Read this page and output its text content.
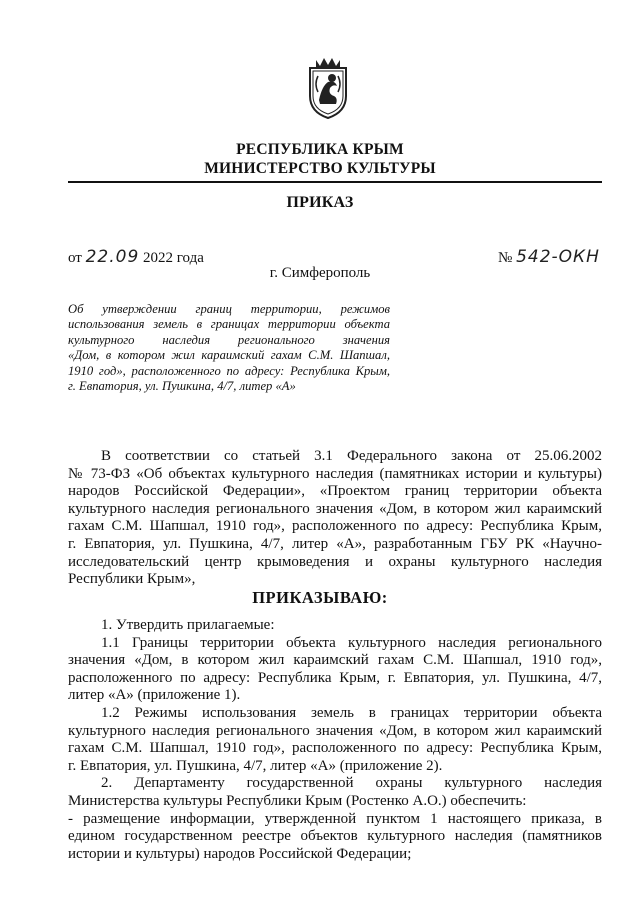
РЕСПУБЛИКА КРЫМ
МИНИСТЕРСТВО КУЛЬТУРЫ
ПРИКАЗ
от 22.09 2022 года	№ 542-ОКН
г. Симферополь
Об утверждении границ территории, режимов
использования земель в границах территории объекта
культурного наследия регионального значения
«Дом, в котором жил караимский гахам С.М. Шапшал,
1910 год», расположенного по адресу: Республика Крым,
г. Евпатория, ул. Пушкина, 4/7, литер «А»
В соответствии со статьей 3.1 Федерального закона от 25.06.2002
№ 73-ФЗ «Об объектах культурного наследия (памятниках истории и культуры)
народов Российской Федерации», «Проектом границ территории объекта
культурного наследия регионального значения «Дом, в котором жил караимский
гахам С.М. Шапшал, 1910 год», расположенного по адресу: Республика Крым,
г. Евпатория, ул. Пушкина, 4/7, литер «А», разработанным ГБУ РК «Научно-
исследовательский центр крымоведения и охраны культурного наследия
Республики Крым»,
ПРИКАЗЫВАЮ:
1. Утвердить прилагаемые:
1.1 Границы территории объекта культурного наследия регионального
значения «Дом, в котором жил караимский гахам С.М. Шапшал, 1910 год»,
расположенного по адресу: Республика Крым, г. Евпатория, ул. Пушкина, 4/7,
литер «А» (приложение 1).
1.2 Режимы использования земель в границах территории объекта
культурного наследия регионального значения «Дом, в котором жил караимский
гахам С.М. Шапшал, 1910 год», расположенного по адресу: Республика Крым,
г. Евпатория, ул. Пушкина, 4/7, литер «А» (приложение 2).
2. Департаменту государственной охраны культурного наследия
Министерства культуры Республики Крым (Ростенко А.О.) обеспечить:
- размещение информации, утвержденной пунктом 1 настоящего приказа, в
едином государственном реестре объектов культурного наследия (памятников
истории и культуры) народов Российской Федерации;
